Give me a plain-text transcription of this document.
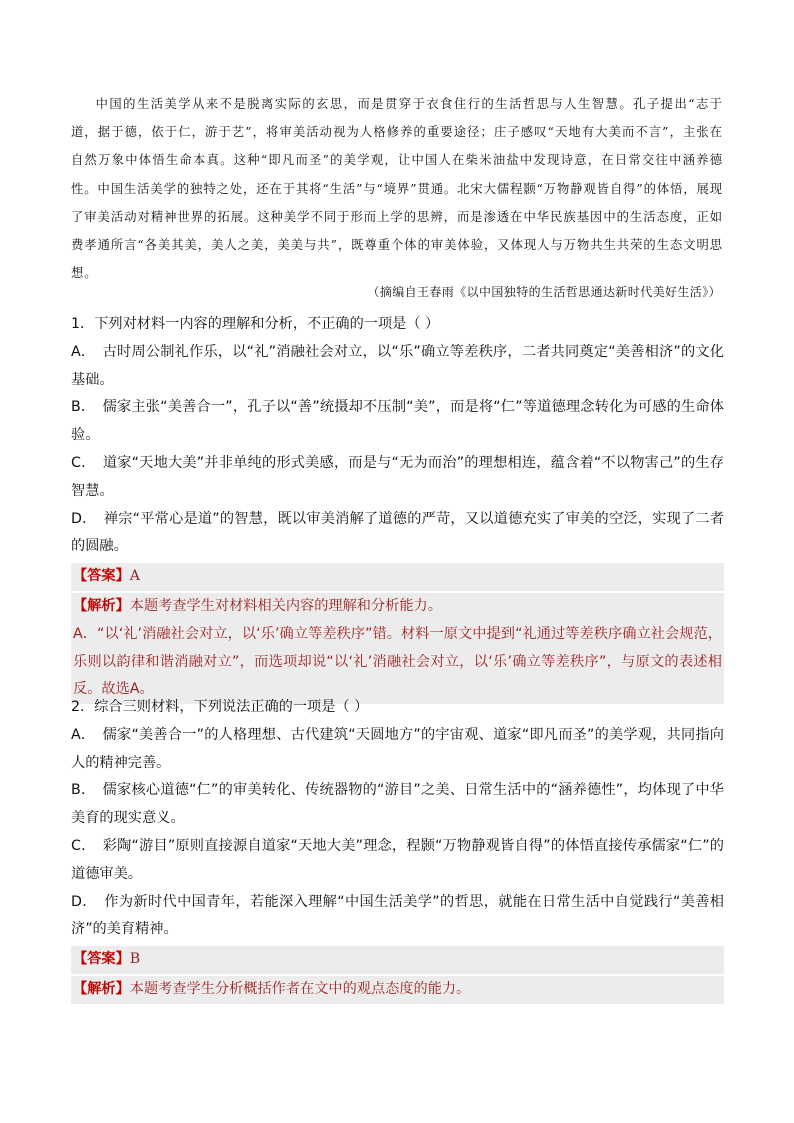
中国的生活美学从来不是脱离实际的玄思，而是贯穿于衣食住行的生活哲思与人生智慧。孔子提出“志于道，据于德，依于仁，游于艺”，将审美活动视为人格修养的重要途径；庄子感叹“天地有大美而不言”，主张在自然万象中体悟生命本真。这种“即凡而圣”的美学观，让中国人在柴米油盐中发现诗意，在日常交往中涵养德性。中国生活美学的独特之处，还在于其将“生活”与“境界”贯通。北宋大儒程颢“万物静观皆自得”的体悟，展现了审美活动对精神世界的拓展。这种美学不同于形而上学的思辨，而是渗透在中华民族基因中的生活态度，正如费孝通所言“各美其美，美人之美，美美与共”，既尊重个体的审美体验，又体现人与万物共生共荣的生态文明思想。

（摘编自王春雨《以中国独特的生活哲思通达新时代美好生活》）

1．下列对材料一内容的理解和分析，不正确的一项是（ ）

A．　古时周公制礼作乐，以“礼”消融社会对立，以“乐”确立等差秩序，二者共同奠定“美善相济”的文化基础。

B．　儒家主张“美善合一”，孔子以“善”统摄却不压制“美”，而是将“仁”等道德理念转化为可感的生命体验。

C．　道家“天地大美”并非单纯的形式美感，而是与“无为而治”的理想相连，蕴含着“不以物害己”的生存智慧。

D．　禅宗“平常心是道”的智慧，既以审美消解了道德的严苛，又以道德充实了审美的空泛，实现了二者的圆融。

【答案】A
【解析】本题考查学生对材料相关内容的理解和分析能力。
A．“以‘礼’消融社会对立，以‘乐’确立等差秩序”错。材料一原文中提到“礼通过等差秩序确立社会规范，乐则以韵律和谐消融对立”，而选项却说“以‘礼’消融社会对立，以‘乐’确立等差秩序”，与原文的表述相反。故选A。

2．综合三则材料，下列说法正确的一项是（ ）

A．　儒家“美善合一”的人格理想、古代建筑“天圆地方”的宇宙观、道家“即凡而圣”的美学观，共同指向人的精神完善。

B．　儒家核心道德“仁”的审美转化、传统器物的“游目”之美、日常生活中的“涵养德性”，均体现了中华美育的现实意义。

C．　彩陶“游目”原则直接源自道家“天地大美”理念，程颢“万物静观皆自得”的体悟直接传承儒家“仁”的道德审美。

D．　作为新时代中国青年，若能深入理解“中国生活美学”的哲思，就能在日常生活中自觉践行“美善相济”的美育精神。

【答案】B
【解析】本题考查学生分析概括作者在文中的观点态度的能力。
